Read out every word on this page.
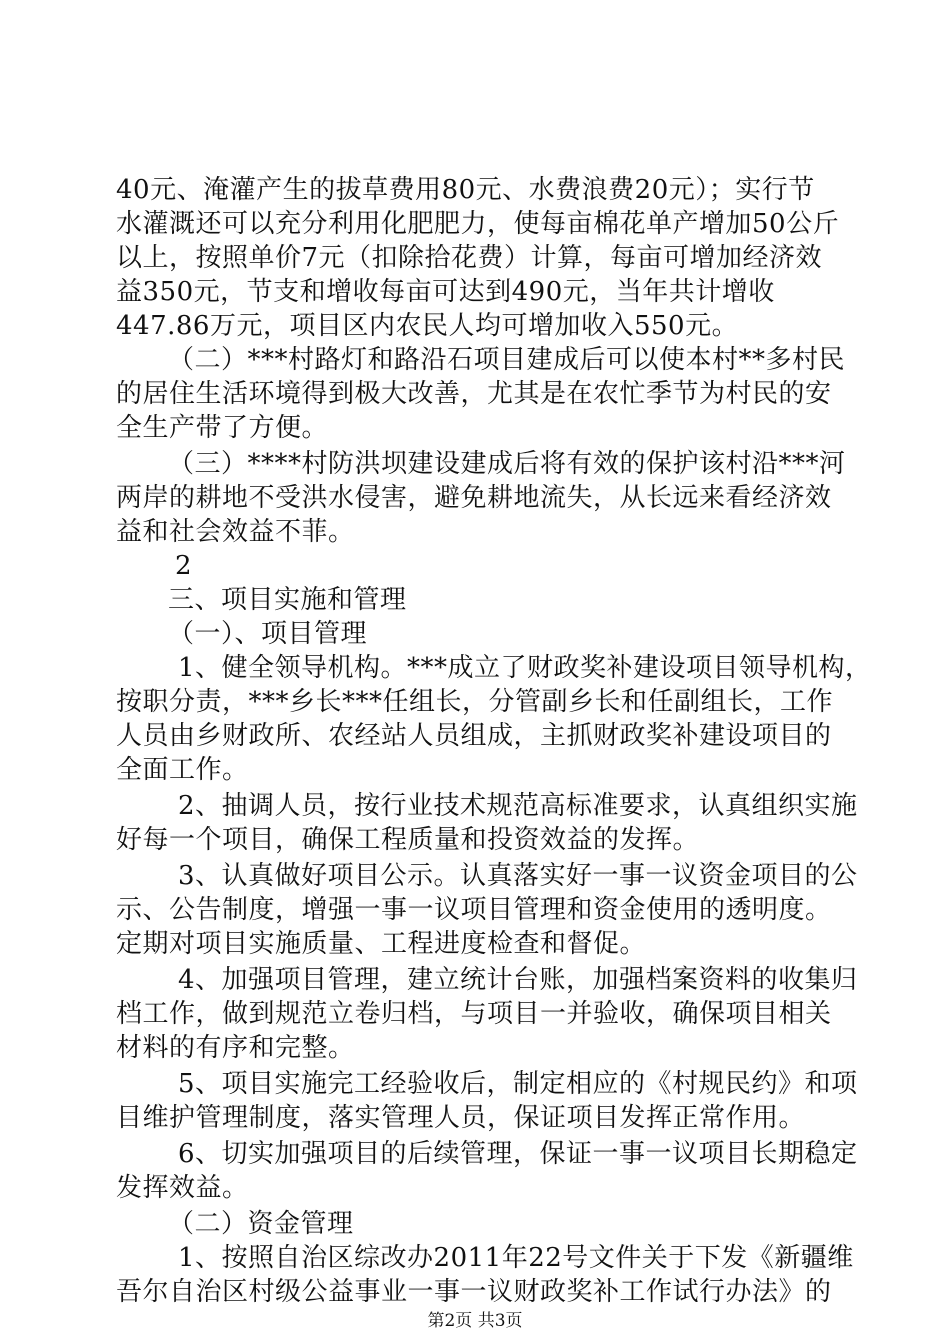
40元、淹灌产生的拔草费用80元、水费浪费20元）；实行节
水灌溉还可以充分利用化肥肥力，使每亩棉花单产增加50公斤
以上，按照单价7元（扣除拾花费）计算，每亩可增加经济效
益350元，节支和增收每亩可达到490元，当年共计增收
447.86万元，项目区内农民人均可增加收入550元。
（二）***村路灯和路沿石项目建成后可以使本村**多村民
的居住生活环境得到极大改善，尤其是在农忙季节为村民的安
全生产带了方便。
（三）****村防洪坝建设建成后将有效的保护该村沿***河
两岸的耕地不受洪水侵害，避免耕地流失，从长远来看经济效
益和社会效益不菲。
2
三、项目实施和管理
（一）、项目管理
1、健全领导机构。***成立了财政奖补建设项目领导机构，
按职分责，***乡长***任组长，分管副乡长和任副组长，工作
人员由乡财政所、农经站人员组成，主抓财政奖补建设项目的
全面工作。
2、抽调人员，按行业技术规范高标准要求，认真组织实施
好每一个项目，确保工程质量和投资效益的发挥。
3、认真做好项目公示。认真落实好一事一议资金项目的公
示、公告制度，增强一事一议项目管理和资金使用的透明度。
定期对项目实施质量、工程进度检查和督促。
4、加强项目管理，建立统计台账，加强档案资料的收集归
档工作，做到规范立卷归档，与项目一并验收，确保项目相关
材料的有序和完整。
5、项目实施完工经验收后，制定相应的《村规民约》和项
目维护管理制度，落实管理人员，保证项目发挥正常作用。
6、切实加强项目的后续管理，保证一事一议项目长期稳定
发挥效益。
（二）资金管理
1、按照自治区综改办2011年22号文件关于下发《新疆维
第2页 共3页
吾尔自治区村级公益事业一事一议财政奖补工作试行办法》的
